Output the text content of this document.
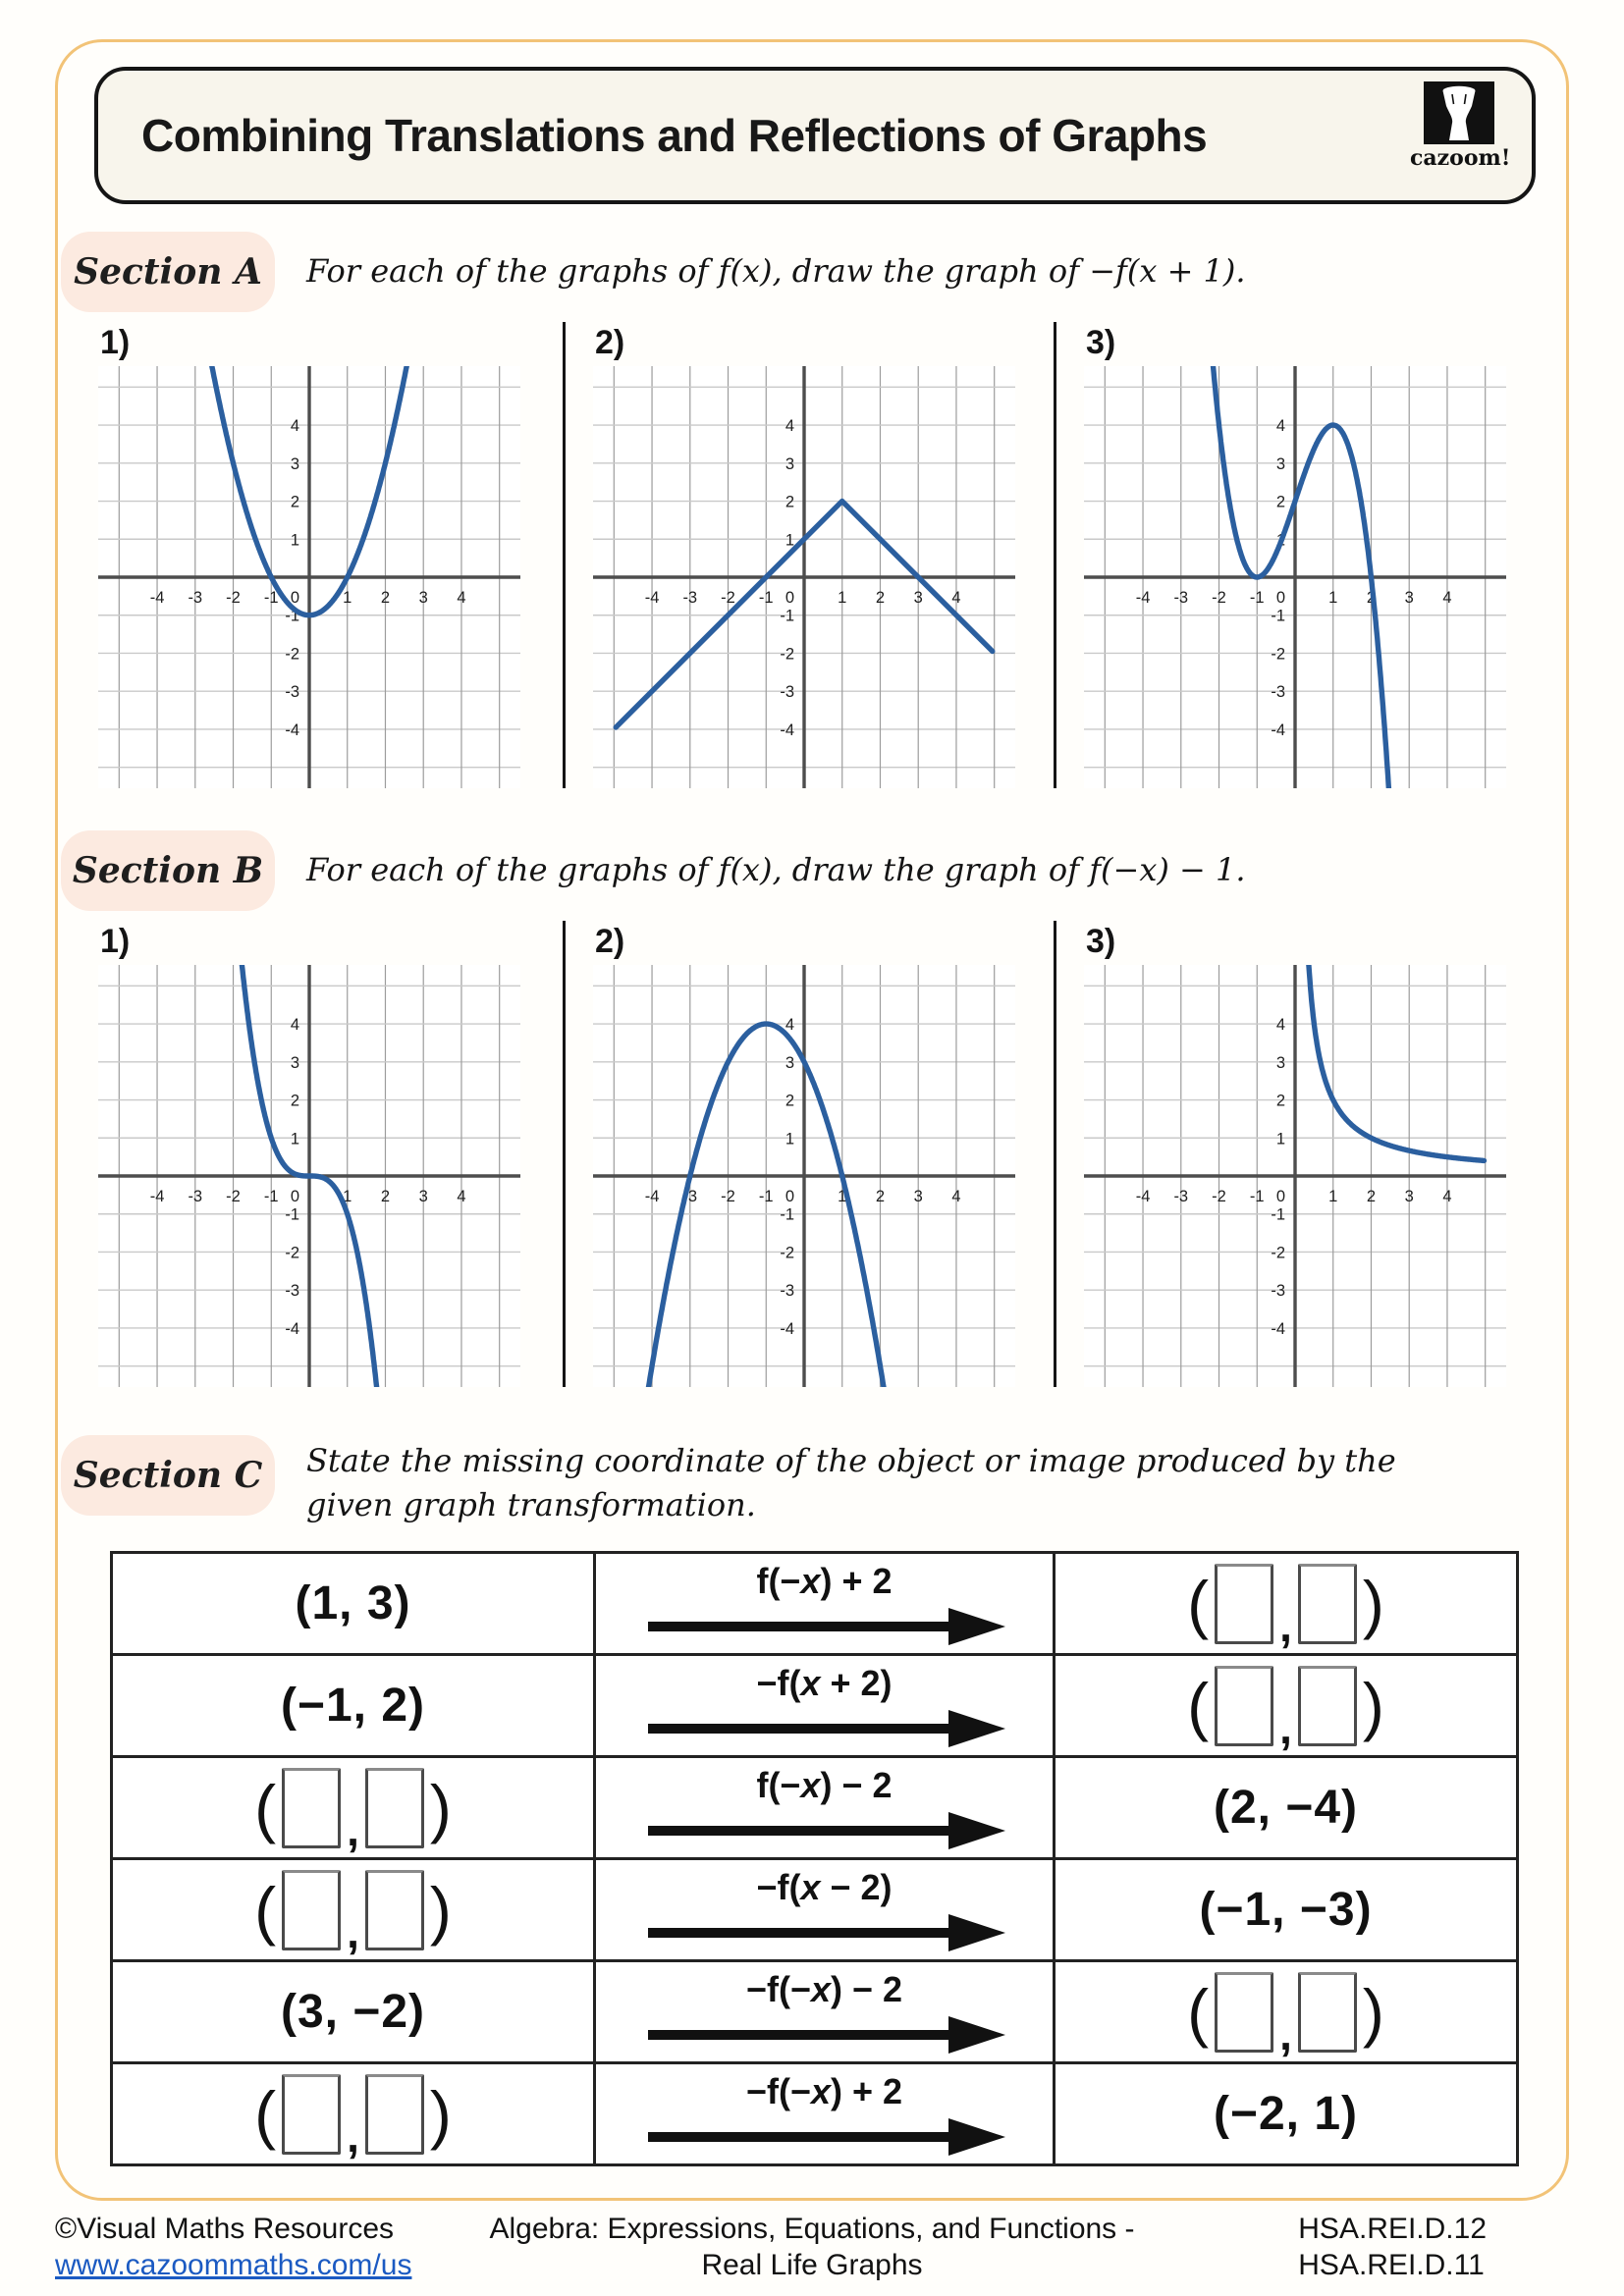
Combining Translations and Reflections of Graphs	cazoom!
Section A	For each of the graphs of f(x), draw the graph of −f(x + 1).
1)
-4
-4
-3
-3
-2
-2
-1
-1
0	1
1
2
2
3
3
4
4
2)
-4
-4
-3
-3
-2
-2
-1
-1
0	1
1
2
2
3
3
4
4
3)
-4
-4
-3
-3
-2
-2
-1
-1
0	1
1
2
2
3
3
4
4
Section B	For each of the graphs of f(x), draw the graph of f(−x) − 1.
1)
-4
-4
-3
-3
-2
-2
-1
-1
0	1
1
2
2
3
3
4
4
2)
-4
-4
-3
-3
-2
-2
-1
-1
0	1
1
2
2
3
3
4
4
3)
-4
-4
-3
-3
-2
-2
-1
-1
0	1
1
2
2
3
3
4
4
Section C	State the missing coordinate of the object or image produced by the given graph transformation.
(1, 3)	f(−x) + 2	( , )

(−1, 2)	−f(x + 2)	( , )

( , )	f(−x) − 2	(2, −4)

( , )	−f(x − 2)	(−1, −3)
(3, −2)	−f(−x) − 2	( , )

( , )	−f(−x) + 2	(−2, 1)
©Visual Maths Resources
www.cazoommaths.com/us
Algebra: Expressions, Equations, and Functions -
Real Life Graphs
HSA.REI.D.12
HSA.REI.D.11
